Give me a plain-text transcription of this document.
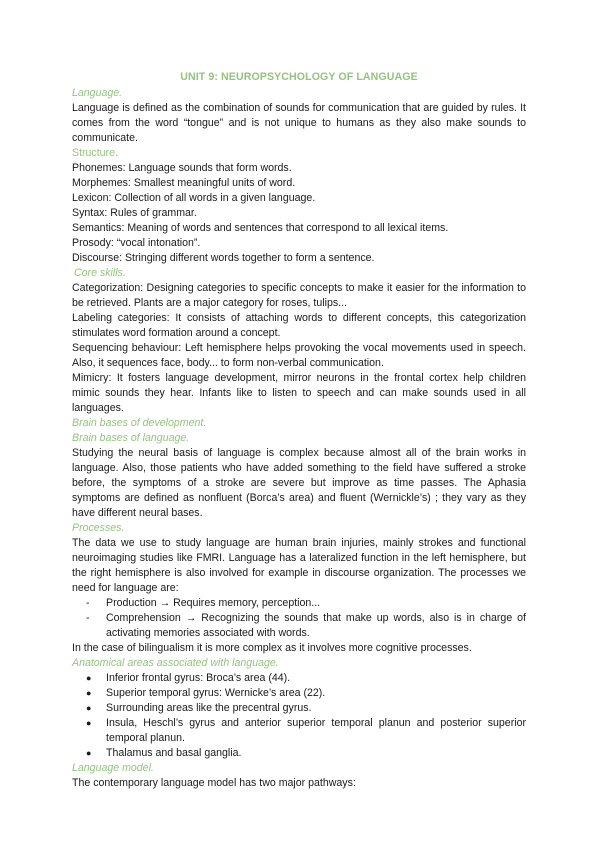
UNIT 9: NEUROPSYCHOLOGY OF LANGUAGE
Language.

Language is defined as the combination of sounds for communication that are guided by rules. It comes from the word “tongue” and is not unique to humans as they also make sounds to communicate.

Structure.
Phonemes: Language sounds that form words.
Morphemes: Smallest meaningful units of word.
Lexicon: Collection of all words in a given language.
Syntax: Rules of grammar.
Semantics: Meaning of words and sentences that correspond to all lexical items.
Prosody: “vocal intonation”.
Discourse: Stringing different words together to form a sentence.
Core skills.

Categorization: Designing categories to specific concepts to make it easier for the information to be retrieved. Plants are a major category for roses, tulips...

Labeling categories: It consists of attaching words to different concepts, this categorization stimulates word formation around a concept.

Sequencing behaviour: Left hemisphere helps provoking the vocal movements used in speech. Also, it sequences face, body... to form non-verbal communication.

Mimicry: It fosters language development, mirror neurons in the frontal cortex help children mimic sounds they hear. Infants like to listen to speech and can make sounds used in all languages.

Brain bases of development.
Brain bases of language.

Studying the neural basis of language is complex because almost all of the brain works in language. Also, those patients who have added something to the field have suffered a stroke before, the symptoms of a stroke are severe but improve as time passes. The Aphasia symptoms are defined as nonfluent (Borca’s area) and fluent (Wernickle’s) ; they vary as they have different neural bases.

Processes.

The data we use to study language are human brain injuries, mainly strokes and functional neuroimaging studies like FMRI. Language has a lateralized function in the left hemisphere, but the right hemisphere is also involved for example in discourse organization. The processes we need for language are:

- Production → Requires memory, perception...
- Comprehension → Recognizing the sounds that make up words, also is in charge of activating memories associated with words.
In the case of bilingualism it is more complex as it involves more cognitive processes.
Anatomical areas associated with language.
● Inferior frontal gyrus: Broca’s area (44).
● Superior temporal gyrus: Wernicke’s area (22).
● Surrounding areas like the precentral gyrus.
● Insula, Heschl’s gyrus and anterior superior temporal planun and posterior superior temporal planun.
● Thalamus and basal ganglia.
Language model.
The contemporary language model has two major pathways:
